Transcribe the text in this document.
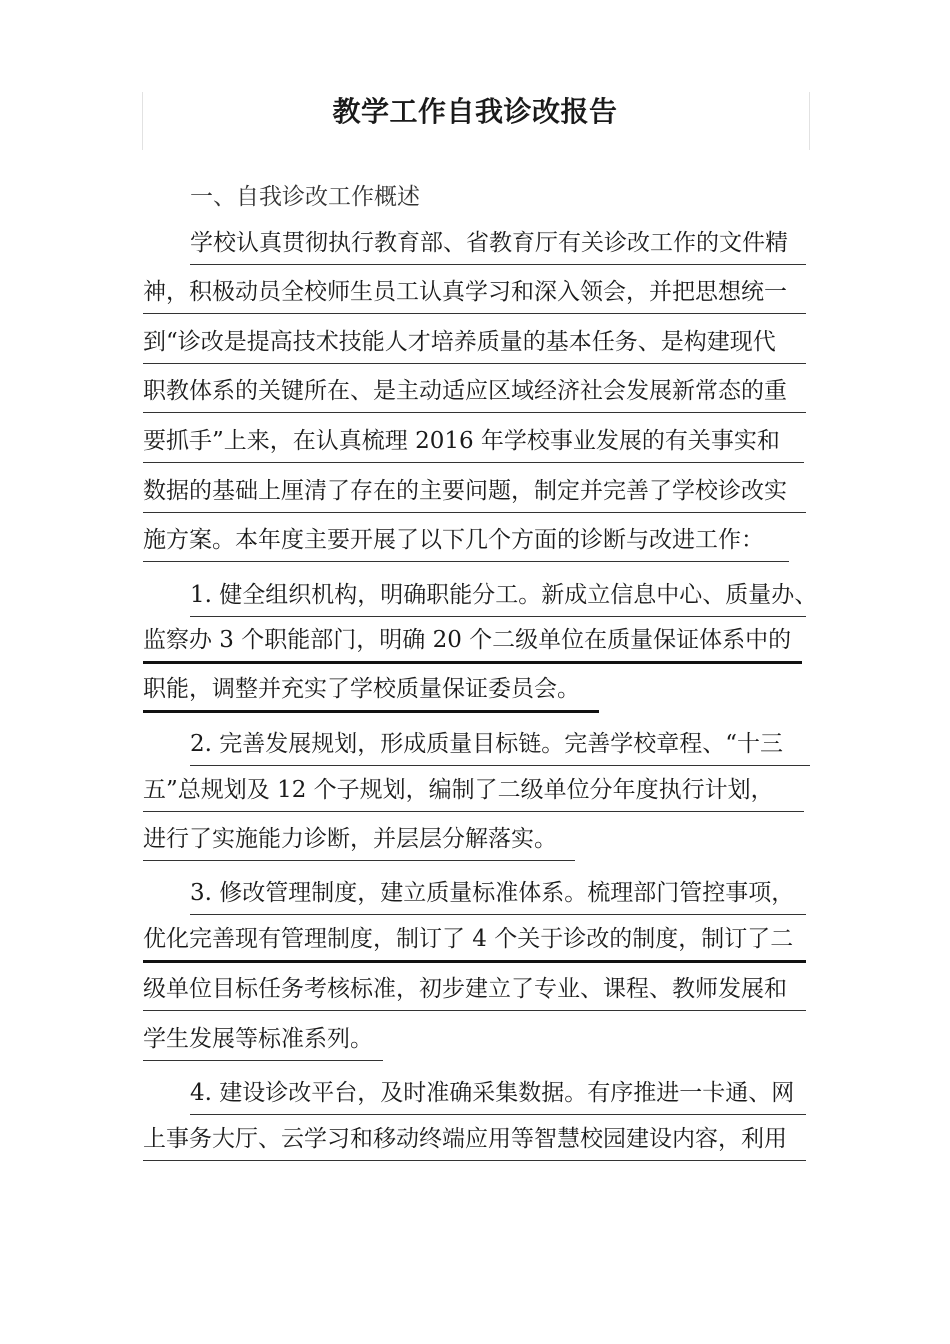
教学工作自我诊改报告
一、自我诊改工作概述
学校认真贯彻执行教育部、省教育厅有关诊改工作的文件精
神，积极动员全校师生员工认真学习和深入领会，并把思想统一
到“诊改是提高技术技能人才培养质量的基本任务、是构建现代
职教体系的关键所在、是主动适应区域经济社会发展新常态的重
要抓手”上来，在认真梳理 2016 年学校事业发展的有关事实和
数据的基础上厘清了存在的主要问题，制定并完善了学校诊改实
施方案。本年度主要开展了以下几个方面的诊断与改进工作：
1. 健全组织机构，明确职能分工。新成立信息中心、质量办、
监察办 3 个职能部门，明确 20 个二级单位在质量保证体系中的
职能，调整并充实了学校质量保证委员会。
2. 完善发展规划，形成质量目标链。完善学校章程、“十三
五”总规划及 12 个子规划，编制了二级单位分年度执行计划，
进行了实施能力诊断，并层层分解落实。
3. 修改管理制度，建立质量标准体系。梳理部门管控事项，
优化完善现有管理制度，制订了 4 个关于诊改的制度，制订了二
级单位目标任务考核标准，初步建立了专业、课程、教师发展和
学生发展等标准系列。
4. 建设诊改平台，及时准确采集数据。有序推进一卡通、网
上事务大厅、云学习和移动终端应用等智慧校园建设内容，利用
